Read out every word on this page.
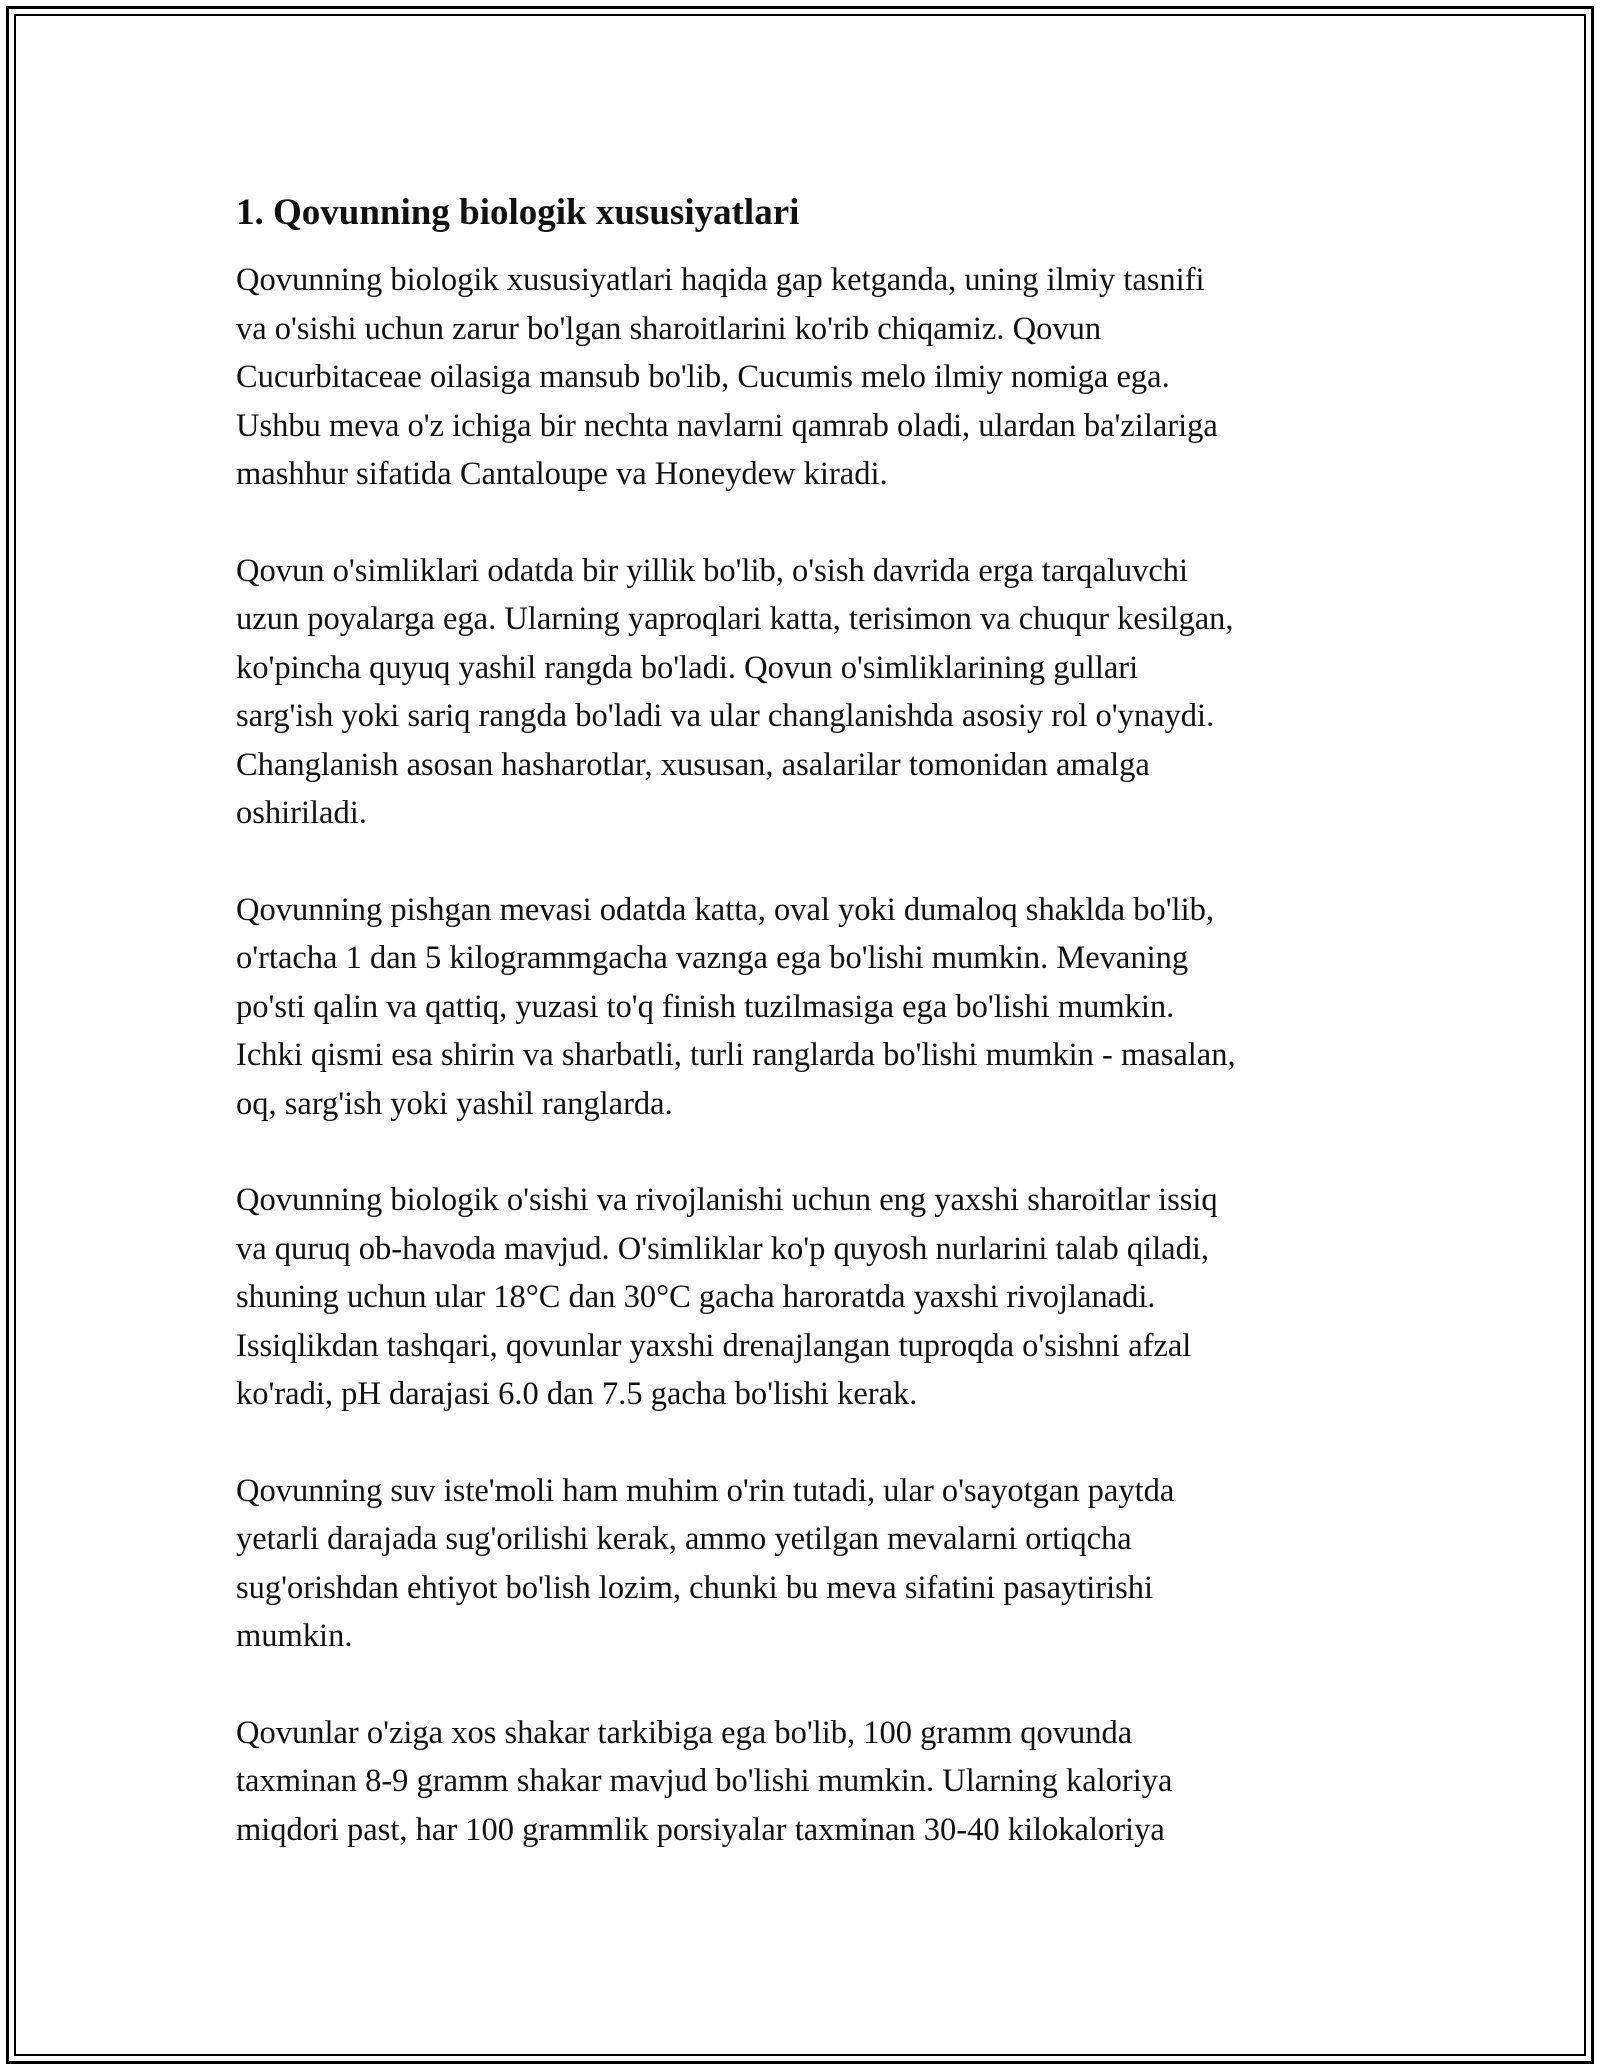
1. Qovunning biologik xususiyatlari
Qovunning biologik xususiyatlari haqida gap ketganda, uning ilmiy tasnifi
va o'sishi uchun zarur bo'lgan sharoitlarini ko'rib chiqamiz. Qovun
Cucurbitaceae oilasiga mansub bo'lib, Cucumis melo ilmiy nomiga ega.
Ushbu meva o'z ichiga bir nechta navlarni qamrab oladi, ulardan ba'zilariga
mashhur sifatida Cantaloupe va Honeydew kiradi.
Qovun o'simliklari odatda bir yillik bo'lib, o'sish davrida erga tarqaluvchi
uzun poyalarga ega. Ularning yaproqlari katta, terisimon va chuqur kesilgan,
ko'pincha quyuq yashil rangda bo'ladi. Qovun o'simliklarining gullari
sarg'ish yoki sariq rangda bo'ladi va ular changlanishda asosiy rol o'ynaydi.
Changlanish asosan hasharotlar, xususan, asalarilar tomonidan amalga
oshiriladi.
Qovunning pishgan mevasi odatda katta, oval yoki dumaloq shaklda bo'lib,
o'rtacha 1 dan 5 kilogrammgacha vaznga ega bo'lishi mumkin. Mevaning
po'sti qalin va qattiq, yuzasi to'q finish tuzilmasiga ega bo'lishi mumkin.
Ichki qismi esa shirin va sharbatli, turli ranglarda bo'lishi mumkin - masalan,
oq, sarg'ish yoki yashil ranglarda.
Qovunning biologik o'sishi va rivojlanishi uchun eng yaxshi sharoitlar issiq
va quruq ob-havoda mavjud. O'simliklar ko'p quyosh nurlarini talab qiladi,
shuning uchun ular 18°C dan 30°C gacha haroratda yaxshi rivojlanadi.
Issiqlikdan tashqari, qovunlar yaxshi drenajlangan tuproqda o'sishni afzal
ko'radi, pH darajasi 6.0 dan 7.5 gacha bo'lishi kerak.
Qovunning suv iste'moli ham muhim o'rin tutadi, ular o'sayotgan paytda
yetarli darajada sug'orilishi kerak, ammo yetilgan mevalarni ortiqcha
sug'orishdan ehtiyot bo'lish lozim, chunki bu meva sifatini pasaytirishi
mumkin.
Qovunlar o'ziga xos shakar tarkibiga ega bo'lib, 100 gramm qovunda
taxminan 8-9 gramm shakar mavjud bo'lishi mumkin. Ularning kaloriya
miqdori past, har 100 grammlik porsiyalar taxminan 30-40 kilokaloriya
